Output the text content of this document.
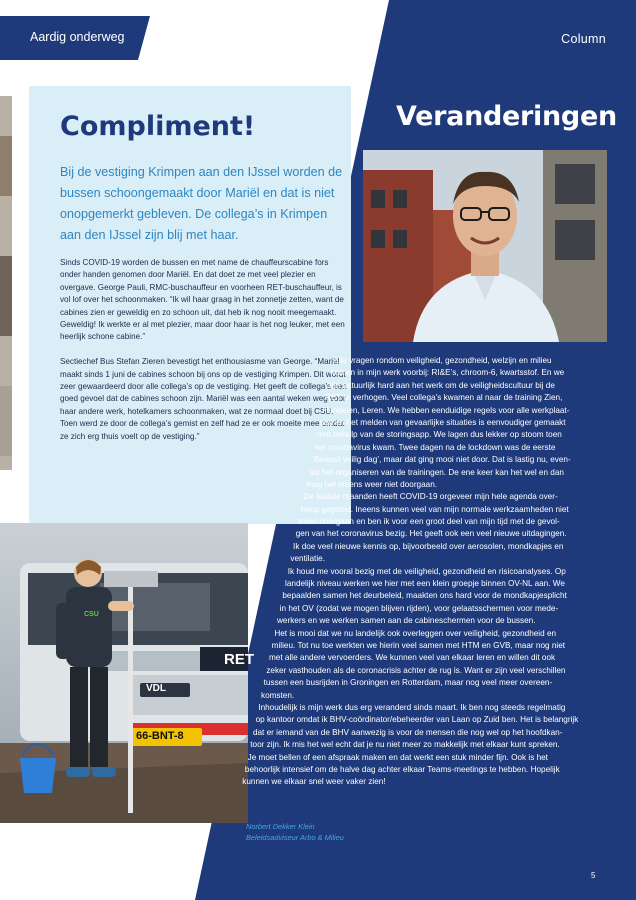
Aardig onderweg	Column
Compliment!

Bij de vestiging Krimpen aan den IJssel worden de bussen schoongemaakt door Mariël en dat is niet onopgemerkt gebleven. De collega’s in Krimpen aan den IJssel zijn blij met haar.

Sinds COVID-19 worden de bussen en met name de chauffeurscabine fors onder handen genomen door Mariël. En dat doet ze met veel plezier en overgave. George Pauli, RMC-buschauffeur en voorheen RET-buschauffeur, is vol lof over het schoonmaken. “Ik wil haar graag in het zonnetje zetten, want de cabines zien er geweldig en zo schoon uit, dat heb ik nog nooit meegemaakt. Geweldig! Ik werkte er al met plezier, maar door haar is het nog leuker, met een heerlijk schone cabine.”

Sectiechef Bus Stefan Zieren bevestigt het enthousiasme van George. “Mariël maakt sinds 1 juni de cabines schoon bij ons op de vestiging Krimpen. Dit wordt zeer gewaardeerd door alle collega’s op de vestiging. Het geeft de collega’s een goed gevoel dat de cabines schoon zijn. Mariël was een aantal weken weg voor haar andere werk, hotelkamers schoonmaken, wat ze normaal doet bij CSU. Toen werd ze door de collega’s gemist en zelf had ze er ook moeite mee omdat ze zich erg thuis voelt op de vestiging.”

RET
66-BNT-8
VDL
CSU
Veranderingen
Alle vragen rondom veiligheid, gezondheid, welzijn en milieu
komen in mijn werk voorbij: RI&E’s, chroom-6, kwartsstof. En we
zijn natuurlijk hard aan het werk om de veiligheidscultuur bij de
RET te verhogen. Veel collega’s kwamen al naar de training Zien,
Handelen, Leren. We hebben eenduidige regels voor alle werkplaat-
sen en het melden van gevaarlijke situaties is eenvoudiger gemaakt
met behulp van de storingsapp. We lagen dus lekker op stoom toen
het coronavirus kwam. Twee dagen na de lockdown was de eerste
‘Bewust veilig dag’, maar dat ging mooi niet door. Dat is lastig nu, even-
als het organiseren van de trainingen. De ene keer kan het wel en dan
mag het ineens weer niet doorgaan.
De laatste maanden heeft COVID-19 orgeveer mijn hele agenda over-
hoop gegooid. Ineens kunnen veel van mijn normale werkzaamheden niet
meer doorgaan en ben ik voor een groot deel van mijn tijd met de gevol-
gen van het coronavirus bezig. Het geeft ook een veel nieuwe uitdagingen.
Ik doe veel nieuwe kennis op, bijvoorbeeld over aerosolen, mondkapjes en
ventilatie.
Ik houd me vooral bezig met de veiligheid, gezondheid en risicoanalyses. Op
landelijk niveau werken we hier met een klein groepje binnen OV-NL aan. We
bepaalden samen het deurbeleid, maakten ons hard voor de mondkapjesplicht
in het OV (zodat we mogen blijven rijden), voor gelaatsschermen voor mede-
werkers en we werken samen aan de cabineschermen voor de bussen.
Het is mooi dat we nu landelijk ook overleggen over veiligheid, gezondheid en
milieu. Tot nu toe werkten we hierin veel samen met HTM en GVB, maar nog niet
met alle andere vervoerders. We kunnen veel van elkaar leren en willen dit ook
zeker vasthouden als de coronacrisis achter de rug is. Want er zijn veel verschillen
tussen een busrijden in Groningen en Rotterdam, maar nog veel meer overeen-
komsten.
Inhoudelijk is mijn werk dus erg veranderd sinds maart. Ik ben nog steeds regelmatig
op kantoor omdat ik BHV-coördinator/ebeheerder van Laan op Zuid ben. Het is belangrijk
dat er iemand van de BHV aanwezig is voor de mensen die nog wel op het hoofdkan-
toor zijn. Ik mis het wel echt dat je nu niet meer zo makkelijk met elkaar kunt spreken.
Je moet bellen of een afspraak maken en dat werkt een stuk minder fijn. Ook is het
behoorlijk intensief om de halve dag achter elkaar Teams-meetings te hebben. Hopelijk
kunnen we elkaar snel weer vaker zien!
Norbert Dekker Klein
Beleidsadviseur Arbo & Milieu
5
